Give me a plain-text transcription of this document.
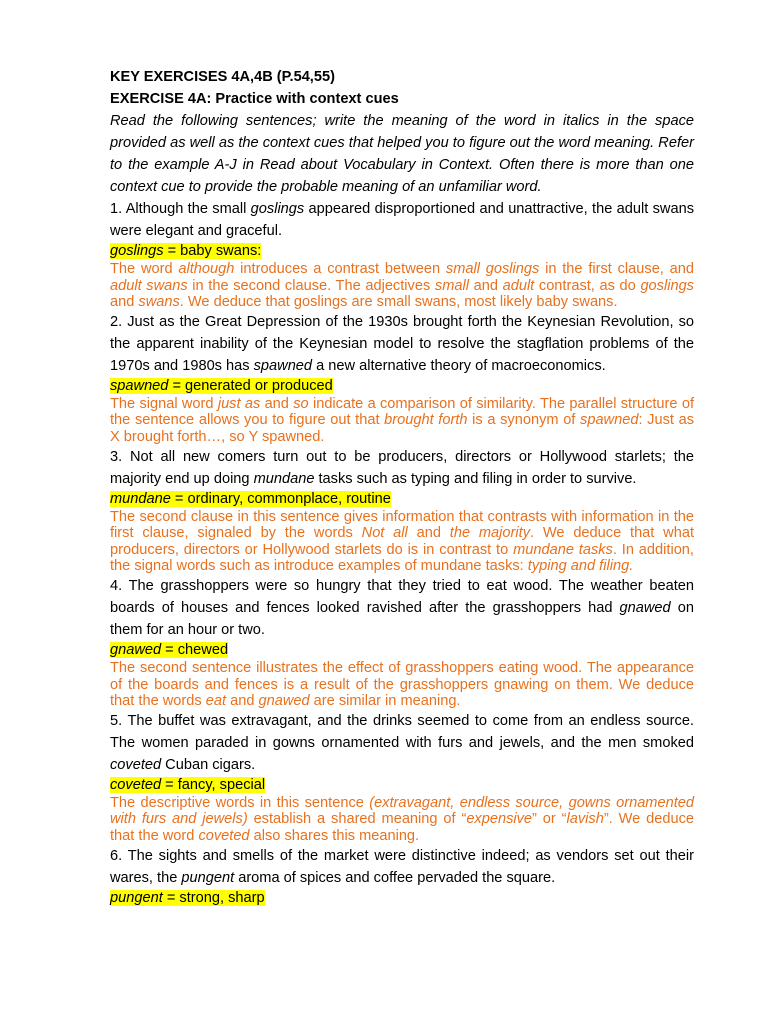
KEY EXERCISES 4A,4B (P.54,55)
EXERCISE 4A: Practice with context cues

Read the following sentences; write the meaning of the word in italics in the space provided as well as the context cues that helped you to figure out the word meaning. Refer to the example A-J in Read about Vocabulary in Context. Often there is more than one context cue to provide the probable meaning of an unfamiliar word.

1. Although the small goslings appeared disproportioned and unattractive, the adult swans were elegant and graceful.

goslings = baby swans:

The word although introduces a contrast between small goslings in the first clause, and adult swans in the second clause. The adjectives small and adult contrast, as do goslings and swans. We deduce that goslings are small swans, most likely baby swans.

2. Just as the Great Depression of the 1930s brought forth the Keynesian Revolution, so the apparent inability of the Keynesian model to resolve the stagflation problems of the 1970s and 1980s has spawned a new alternative theory of macroeconomics.

spawned = generated or produced

The signal word just as and so indicate a comparison of similarity. The parallel structure of the sentence allows you to figure out that brought forth is a synonym of spawned: Just as X brought forth…, so Y spawned.

3. Not all new comers turn out to be producers, directors or Hollywood starlets; the majority end up doing mundane tasks such as typing and filing in order to survive.

mundane = ordinary, commonplace, routine

The second clause in this sentence gives information that contrasts with information in the first clause, signaled by the words Not all and the majority. We deduce that what producers, directors or Hollywood starlets do is in contrast to mundane tasks. In addition, the signal words such as introduce examples of mundane tasks: typing and filing.

4. The grasshoppers were so hungry that they tried to eat wood. The weather beaten boards of houses and fences looked ravished after the grasshoppers had gnawed on them for an hour or two.

gnawed = chewed

The second sentence illustrates the effect of grasshoppers eating wood. The appearance of the boards and fences is a result of the grasshoppers gnawing on them. We deduce that the words eat and gnawed are similar in meaning.

5. The buffet was extravagant, and the drinks seemed to come from an endless source. The women paraded in gowns ornamented with furs and jewels, and the men smoked coveted Cuban cigars.

coveted = fancy, special

The descriptive words in this sentence (extravagant, endless source, gowns ornamented with furs and jewels) establish a shared meaning of “expensive” or “lavish”. We deduce that the word coveted also shares this meaning.

6. The sights and smells of the market were distinctive indeed; as vendors set out their wares, the pungent aroma of spices and coffee pervaded the square.

pungent = strong, sharp
